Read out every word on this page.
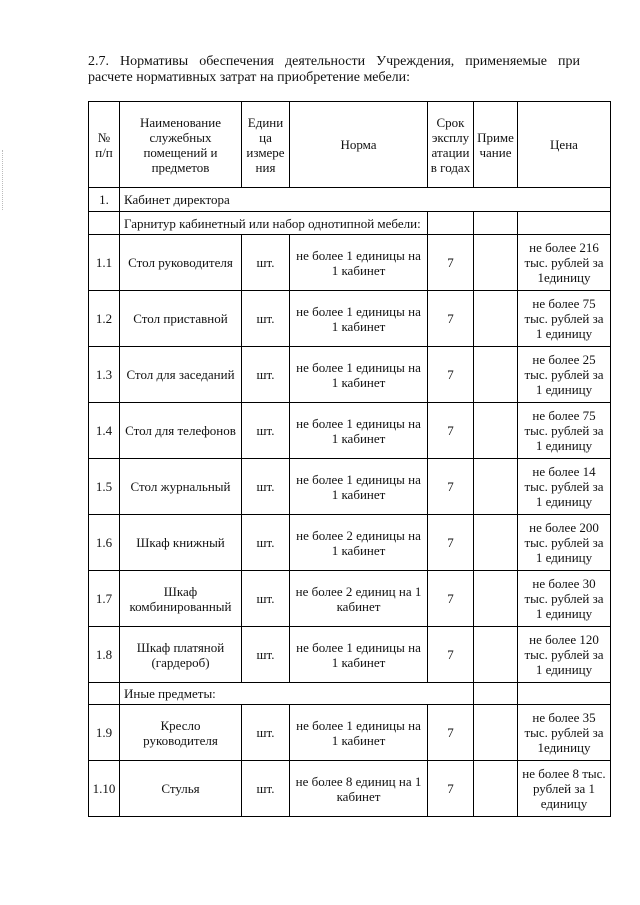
2.7. Нормативы обеспечения деятельности Учреждения, применяемые при расчете нормативных затрат на приобретение мебели:
№ п/п	Наименование служебных помещений и предметов	Едини ца измере ния	Норма	Срок эксплу атации в годах	Приме чание	Цена
1.	Кабинет директора					
	Гарнитур кабинетный или набор однотипной мебели:					
1.1	Стол руководителя	шт.	не более 1 единицы на 1 кабинет	7		не более 216 тыс. рублей за 1единицу
1.2	Стол приставной	шт.	не более 1 единицы на 1 кабинет	7		не более 75 тыс. рублей за 1 единицу
1.3	Стол для заседаний	шт.	не более 1 единицы на 1 кабинет	7		не более 25 тыс. рублей за 1 единицу
1.4	Стол для телефонов	шт.	не более 1 единицы на 1 кабинет	7		не более 75 тыс. рублей за 1 единицу
1.5	Стол журнальный	шт.	не более 1 единицы на 1 кабинет	7		не более 14 тыс. рублей за 1 единицу
1.6	Шкаф книжный	шт.	не более 2 единицы на 1 кабинет	7		не более 200 тыс. рублей за 1 единицу
1.7	Шкаф комбинированный	шт.	не более 2 единиц на 1 кабинет	7		не более 30 тыс. рублей за 1 единицу
1.8	Шкаф платяной (гардероб)	шт.	не более 1 единицы на 1 кабинет	7		не более 120 тыс. рублей за 1 единицу
	Иные предметы:					
1.9	Кресло руководителя	шт.	не более 1 единицы на 1 кабинет	7		не более 35 тыс. рублей за 1единицу
1.10	Стулья	шт.	не более 8 единиц на 1 кабинет	7		не более 8 тыс. рублей за 1 единицу
